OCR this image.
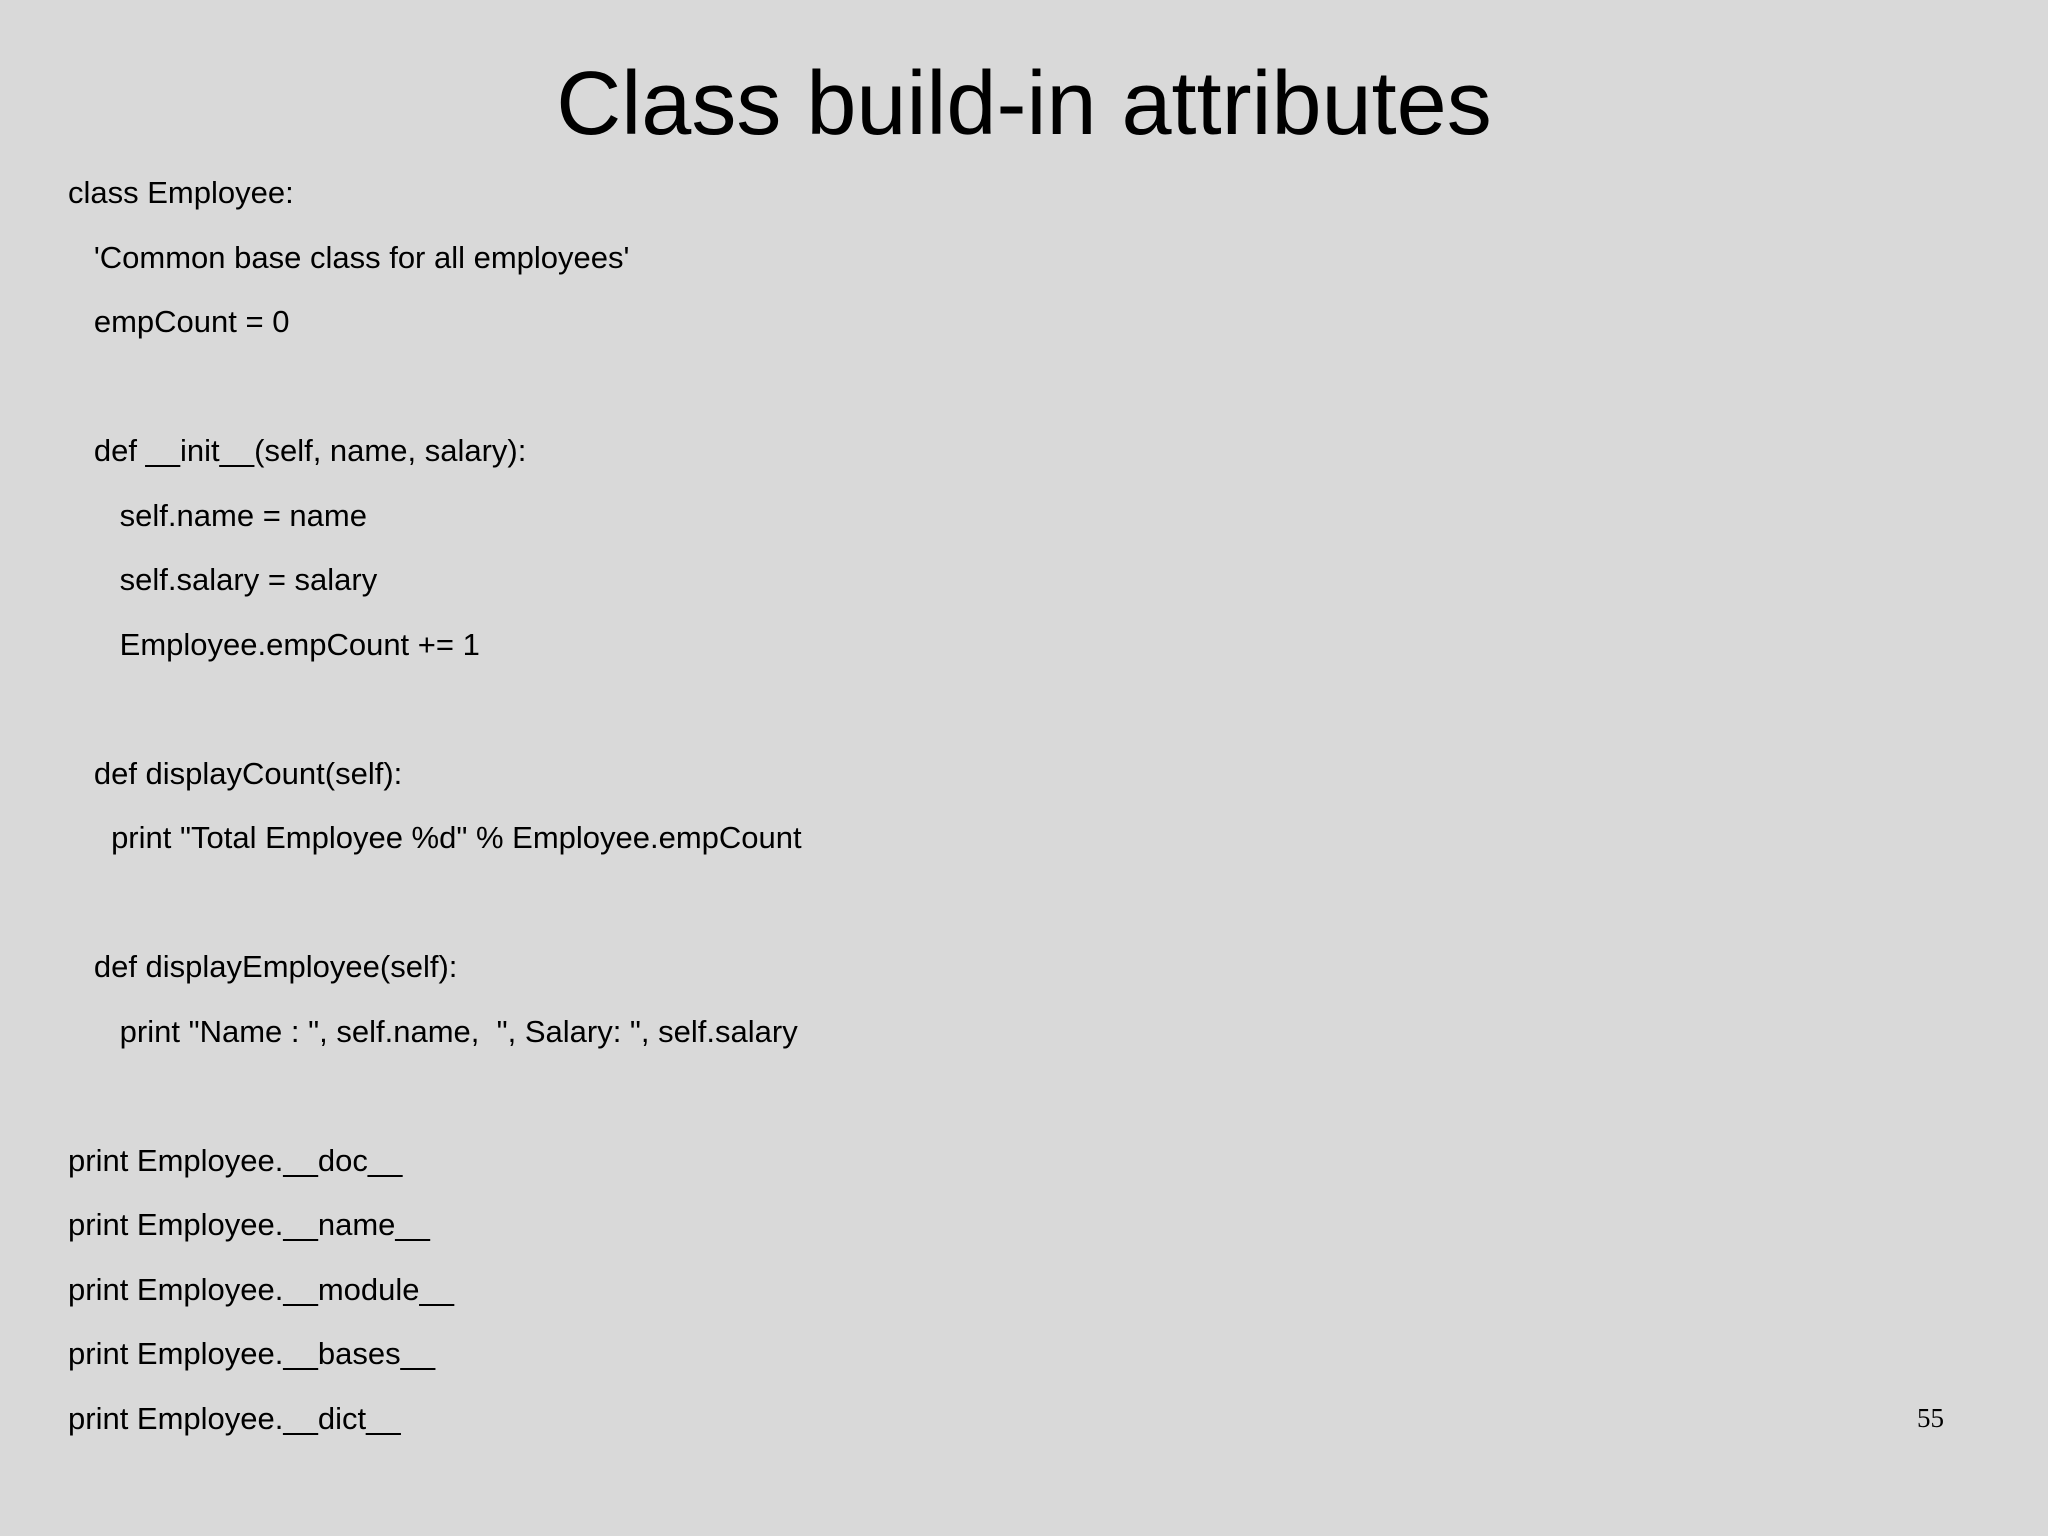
Class build-in attributes
class Employee:
'Common base class for all employees'
empCount = 0
def __init__(self, name, salary):
self.name = name
self.salary = salary
Employee.empCount += 1
def displayCount(self):
print "Total Employee %d" % Employee.empCount
def displayEmployee(self):
print "Name : ", self.name,  ", Salary: ", self.salary
print Employee.__doc__
print Employee.__name__
print Employee.__module__
print Employee.__bases__
print Employee.__dict__	55
